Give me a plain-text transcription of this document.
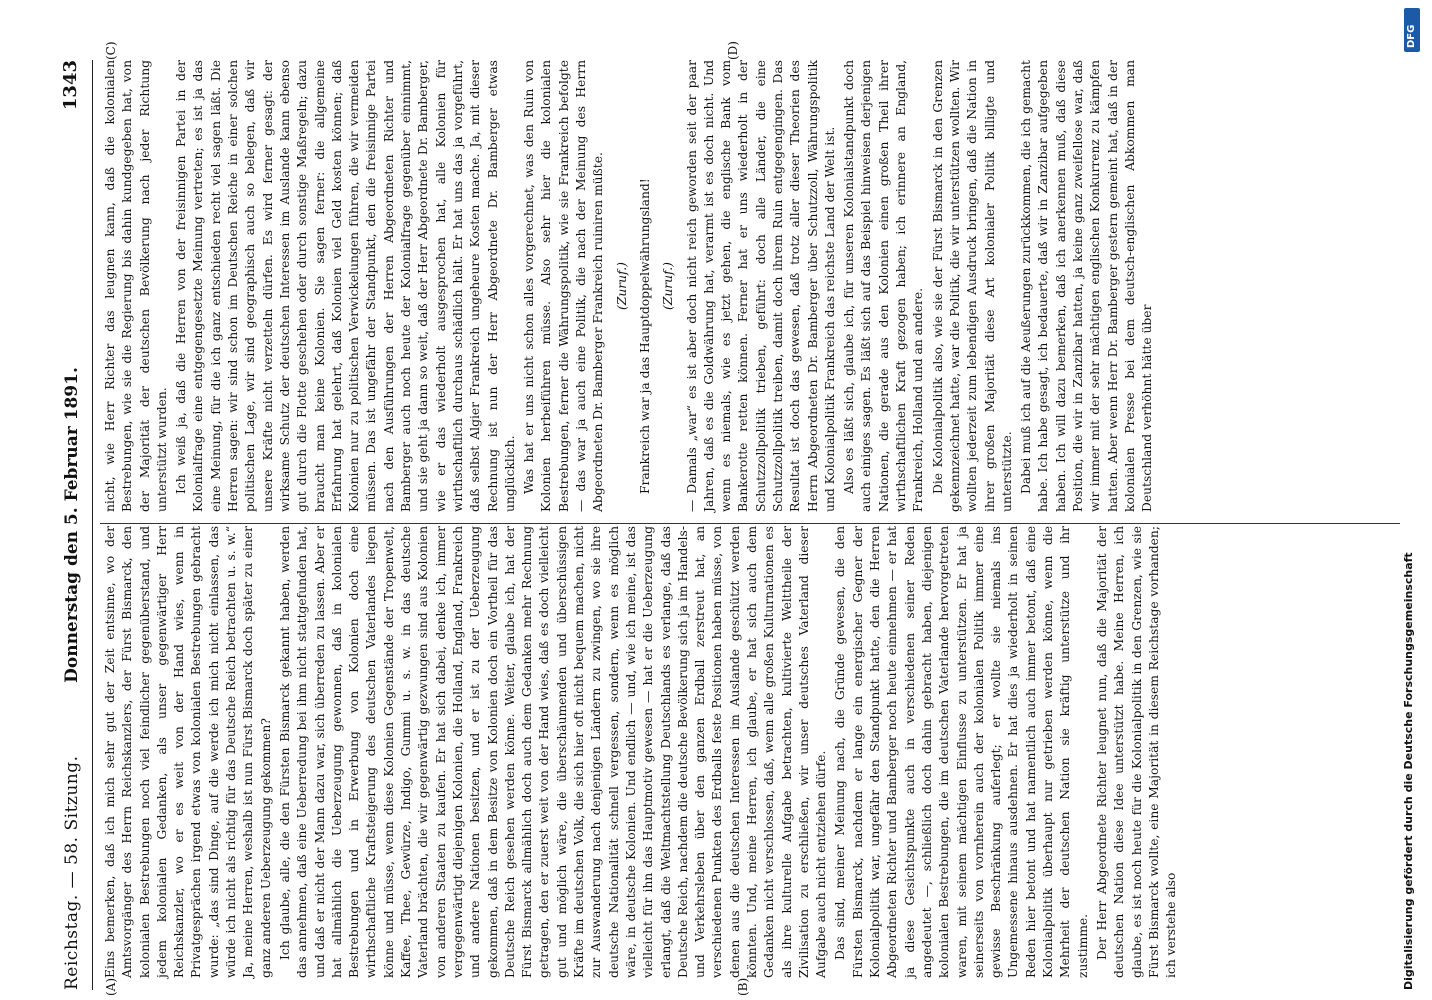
Reichstag. — 58. Sitzung.
Donnerstag den 5. Februar 1891.
1343
(A)	(B)
(C)	(D)

Eins bemerken, daß ich mich sehr gut der Zeit entsinne, wo der Amtsvorgänger des Herrn Reichskanzlers, der Fürst Bismarck, den kolonialen Bestrebungen noch viel feindlicher gegenüberstand, und jedem kolonialen Gedanken, als unser gegenwärtiger Herr Reichskanzler, wo er es weit von der Hand wies, wenn in Privatgesprächen irgend etwas von kolonialen Bestrebungen gebracht wurde: „das sind Dinge, auf die werde ich mich nicht einlassen, das würde ich nicht als richtig für das Deutsche Reich betrachten u. s. w.“ Ja, meine Herren, weshalb ist nun Fürst Bismarck doch später zu einer ganz anderen Ueberzeugung gekommen? Ich glaube, alle, die den Fürsten Bismarck gekannt haben, werden das annehmen, daß eine Ueberredung bei ihm nicht stattgefunden hat, und daß er nicht der Mann dazu war, sich überreden zu lassen. Aber er hat allmählich die Ueberzeugung gewonnen, daß in kolonialen Bestrebungen und in Erwerbung von Kolonien doch eine wirthschaftliche Kraftsteigerung des deutschen Vaterlandes liegen könne und müsse, wenn diese Kolonien Gegenstände der Tropenwelt, Kaffee, Thee, Gewürze, Indigo, Gummi u. s. w. in das deutsche Vaterland brächten, die wir gegenwärtig gezwungen sind aus Kolonien von anderen Staaten zu kaufen. Er hat sich dabei, denke ich, immer vergegenwärtigt diejenigen Kolonien, die Holland, England, Frankreich und andere Nationen besitzen, und er ist zu der Ueberzeugung gekommen, daß in dem Besitze von Kolonien doch ein Vortheil für das Deutsche Reich gesehen werden könne. Weiter, glaube ich, hat der Fürst Bismarck allmählich doch auch dem Gedanken mehr Rechnung getragen, den er zuerst weit von der Hand wies, daß es doch vielleicht gut und möglich wäre, die überschäumenden und überschüssigen Kräfte im deutschen Volk, die sich hier oft nicht bequem machen, nicht zur Auswanderung nach denjenigen Ländern zu zwingen, wo sie ihre deutsche Nationalität schnell vergessen, sondern, wenn es möglich wäre, in deutsche Kolonien. Und endlich — und, wie ich meine, ist das vielleicht für ihn das Hauptmotiv gewesen — hat er die Ueberzeugung erlangt, daß die Weltmachtstellung Deutschlands es verlange, daß das Deutsche Reich, nachdem die deutsche Bevölkerung sich ja im Handels- und Verkehrsleben über den ganzen Erdball zerstreut hat, an verschiedenen Punkten des Erdballs feste Positionen haben müsse, von denen aus die deutschen Interessen im Auslande geschützt werden könnten. Und, meine Herren, ich glaube, er hat sich auch dem Gedanken nicht verschlossen, daß, wenn alle großen Kulturnationen es als ihre kulturelle Aufgabe betrachten, kultivierte Welttheile der Zivilisation zu erschließen, wir unser deutsches Vaterland dieser Aufgabe auch nicht entziehen dürfe. Das sind, meiner Meinung nach, die Gründe gewesen, die den Fürsten Bismarck, nachdem er lange ein energischer Gegner der Kolonialpolitik war, ungefähr den Standpunkt hatte, den die Herren Abgeordneten Richter und Bamberger noch heute einnehmen — er hat ja diese Gesichtspunkte auch in verschiedenen seiner Reden angedeutet —, schließlich doch dahin gebracht haben, diejenigen kolonialen Bestrebungen, die im deutschen Vaterlande hervorgetreten waren, mit seinem mächtigen Einflusse zu unterstützen. Er hat ja seinerseits von vornherein auch der kolonialen Politik immer eine gewisse Beschränkung auferlegt; er wollte sie niemals ins Ungemessene hinaus ausdehnen. Er hat dies ja wiederholt in seinen Reden hier betont und hat namentlich auch immer betont, daß eine Kolonialpolitik überhaupt nur getrieben werden könne, wenn die Mehrheit der deutschen Nation sie kräftig unterstütze und ihr zustimme. Der Herr Abgeordnete Richter leugnet nun, daß die Majorität der deutschen Nation diese Idee unterstützt habe. Meine Herren, ich glaube, es ist noch heute für die Kolonialpolitik in den Grenzen, wie sie Fürst Bismarck wollte, eine Majorität in diesem Reichstage vorhanden; ich verstehe also

nicht, wie Herr Richter das leugnen kann, daß die kolonialen Bestrebungen, wie sie die Regierung bis dahin kundgegeben hat, von der Majorität der deutschen Bevölkerung nach jeder Richtung unterstützt wurden. Ich weiß ja, daß die Herren von der freisinnigen Partei in der Kolonialfrage eine entgegengesetzte Meinung vertreten; es ist ja das eine Meinung, für die ich ganz entschieden recht viel sagen läßt. Die Herren sagen: wir sind schon im Deutschen Reiche in einer solchen politischen Lage, wir sind geographisch auch so belegen, daß wir unsere Kräfte nicht verzetteln dürfen. Es wird ferner gesagt: der wirksame Schutz der deutschen Interessen im Auslande kann ebenso gut durch die Flotte geschehen oder durch sonstige Maßregeln; dazu braucht man keine Kolonien. Sie sagen ferner: die allgemeine Erfahrung hat gelehrt, daß Kolonien viel Geld kosten können; daß Kolonien nur zu politischen Verwickelungen führen, die wir vermeiden müssen. Das ist ungefähr der Standpunkt, den die freisinnige Partei nach den Ausführungen der Herren Abgeordneten Richter und Bamberger auch noch heute der Kolonialfrage gegenüber einnimmt, und sie geht ja dann so weit, daß der Herr Abgeordnete Dr. Bamberger, wie er das wiederholt ausgesprochen hat, alle Kolonien für wirthschaftlich durchaus schädlich hält. Er hat uns das ja vorgeführt, daß selbst Algier Frankreich ungeheure Kosten mache. Ja, mit dieser Rechnung ist nun der Herr Abgeordnete Dr. Bamberger etwas unglücklich. Was hat er uns nicht schon alles vorgerechnet, was den Ruin von Kolonien herbeiführen müsse. Also sehr hier die kolonialen Bestrebungen, ferner die Währungspolitik, wie sie Frankreich befolgte — das war ja auch eine Politik, die nach der Meinung des Herrn Abgeordneten Dr. Bamberger Frankreich ruiniren müßte. (Zuruf.) Frankreich war ja das Hauptdoppelwährungsland! (Zuruf.) — Damals „war“ es ist aber doch nicht reich geworden seit der paar Jahren, daß es die Goldwährung hat, verarmt ist es doch nicht. Und wenn es niemals, wie es jetzt gehen, die englische Bank vom Bankerotte retten können. Ferner hat er uns wiederholt in der Schutzzollpolitik trieben, geführt: doch alle Länder, die eine Schutzzollpolitik treiben, damit doch ihrem Ruin entgegengingen. Das Resultat ist doch das gewesen, daß trotz aller dieser Theorien des Herrn Abgeordneten Dr. Bamberger über Schutzzoll, Währungspolitik und Kolonialpolitik Frankreich das reichste Land der Welt ist. Also es läßt sich, glaube ich, für unseren Kolonialstandpunkt doch auch einiges sagen. Es läßt sich auf das Beispiel hinweisen derjenigen Nationen, die gerade aus den Kolonien einen großen Theil ihrer wirthschaftlichen Kraft gezogen haben; ich erinnere an England, Frankreich, Holland und an andere. Die Kolonialpolitik also, wie sie der Fürst Bismarck in den Grenzen gekennzeichnet hatte, war die Politik, die wir unterstützen wollten. Wir wollten jederzeit zum lebendigen Ausdruck bringen, daß die Nation in ihrer großen Majorität diese Art kolonialer Politik billigte und unterstützte. Dabei muß ich auf die Aeußerungen zurückkommen, die ich gemacht habe. Ich habe gesagt, ich bedauerte, daß wir in Zanzibar aufgegeben haben. Ich will dazu bemerken, daß ich anerkennen muß, daß diese Position, die wir in Zanzibar hatten, ja keine ganz zweifellose war, daß wir immer mit der sehr mächtigen englischen Konkurrenz zu kämpfen hatten. Aber wenn Herr Dr. Bamberger gestern gemeint hat, daß in der kolonialen Presse bei dem deutsch-englischen Abkommen man Deutschland verhöhnt hätte über

DFG
Digitalisierung gefördert durch die Deutsche Forschungsgemeinschaft
